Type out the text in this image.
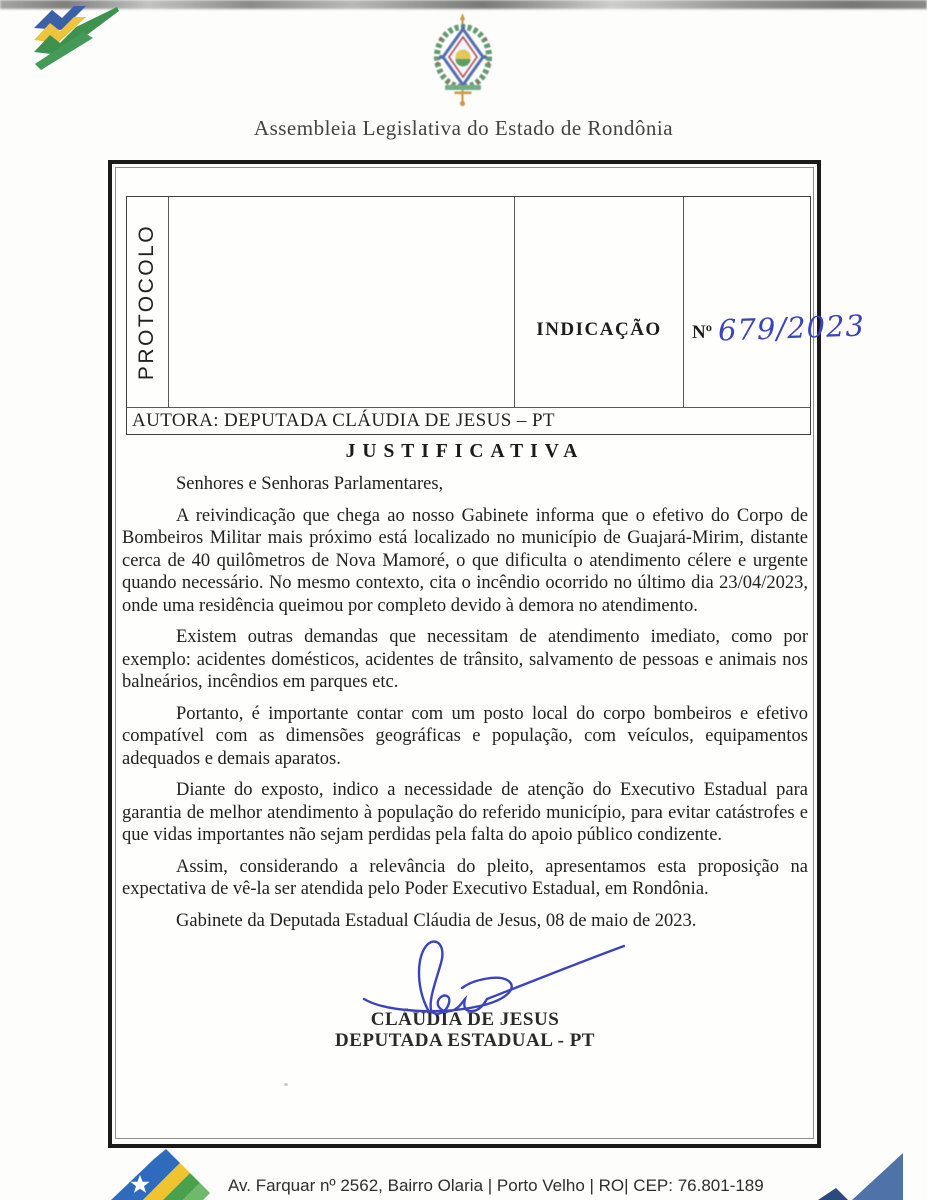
Assembleia Legislativa do Estado de Rondônia
PROTOCOLO	INDICAÇÃO Nº 679/2023
AUTORA: DEPUTADA CLÁUDIA DE JESUS – PT
JUSTIFICATIVA

Senhores e Senhoras Parlamentares,

A reivindicação que chega ao nosso Gabinete informa que o efetivo do Corpo de Bombeiros Militar mais próximo está localizado no município de Guajará-Mirim, distante cerca de 40 quilômetros de Nova Mamoré, o que dificulta o atendimento célere e urgente quando necessário. No mesmo contexto, cita o incêndio ocorrido no último dia 23/04/2023, onde uma residência queimou por completo devido à demora no atendimento.

Existem outras demandas que necessitam de atendimento imediato, como por exemplo: acidentes domésticos, acidentes de trânsito, salvamento de pessoas e animais nos balneários, incêndios em parques etc.

Portanto, é importante contar com um posto local do corpo bombeiros e efetivo compatível com as dimensões geográficas e população, com veículos, equipamentos adequados e demais aparatos.

Diante do exposto, indico a necessidade de atenção do Executivo Estadual para garantia de melhor atendimento à população do referido município, para evitar catástrofes e que vidas importantes não sejam perdidas pela falta do apoio público condizente.

Assim, considerando a relevância do pleito, apresentamos esta proposição na expectativa de vê-la ser atendida pelo Poder Executivo Estadual, em Rondônia.

Gabinete da Deputada Estadual Cláudia de Jesus, 08 de maio de 2023.

CLÁUDIA DE JESUS
DEPUTADA ESTADUAL - PT
Av. Farquar nº 2562, Bairro Olaria | Porto Velho | RO| CEP: 76.801-189
